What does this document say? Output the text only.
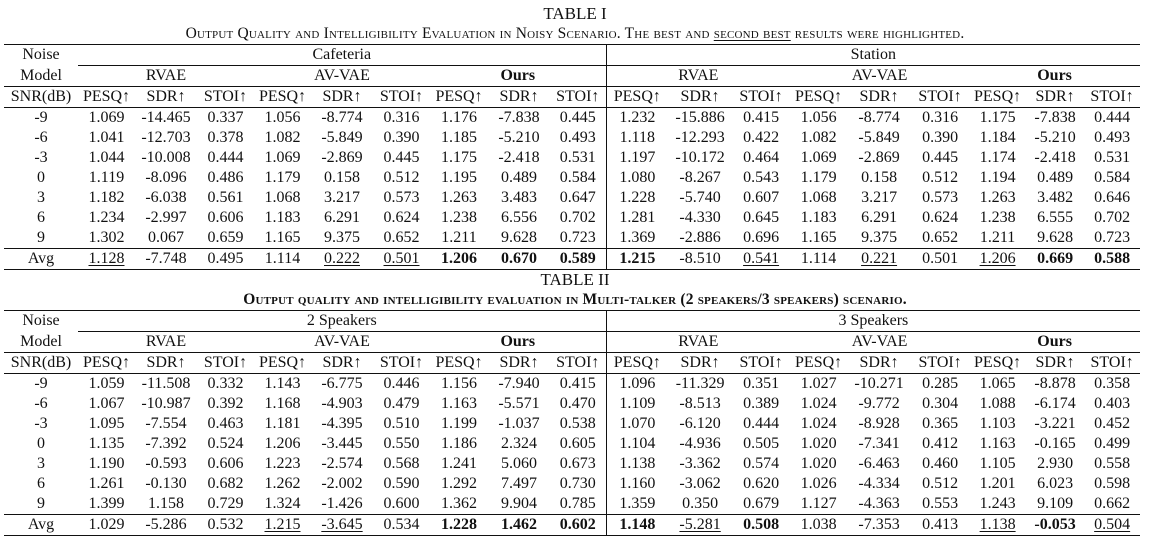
TABLE I
Output Quality and Intelligibility Evaluation in Noisy Scenario. The best and second best results were highlighted.
Noise	Cafeteria									Station								
Model	RVAE			AV-VAE			Ours			RVAE			AV-VAE			Ours		
SNR(dB)	PESQ↑	SDR↑	STOI↑	PESQ↑	SDR↑	STOI↑	PESQ↑	SDR↑	STOI↑	PESQ↑	SDR↑	STOI↑	PESQ↑	SDR↑	STOI↑	PESQ↑	SDR↑	STOI↑
-9	1.069	-14.465	0.337	1.056	-8.774	0.316	1.176	-7.838	0.445	1.232	-15.886	0.415	1.056	-8.774	0.316	1.175	-7.838	0.444
-6	1.041	-12.703	0.378	1.082	-5.849	0.390	1.185	-5.210	0.493	1.118	-12.293	0.422	1.082	-5.849	0.390	1.184	-5.210	0.493
-3	1.044	-10.008	0.444	1.069	-2.869	0.445	1.175	-2.418	0.531	1.197	-10.172	0.464	1.069	-2.869	0.445	1.174	-2.418	0.531
0	1.119	-8.096	0.486	1.179	0.158	0.512	1.195	0.489	0.584	1.080	-8.267	0.543	1.179	0.158	0.512	1.194	0.489	0.584
3	1.182	-6.038	0.561	1.068	3.217	0.573	1.263	3.483	0.647	1.228	-5.740	0.607	1.068	3.217	0.573	1.263	3.482	0.646
6	1.234	-2.997	0.606	1.183	6.291	0.624	1.238	6.556	0.702	1.281	-4.330	0.645	1.183	6.291	0.624	1.238	6.555	0.702
9	1.302	0.067	0.659	1.165	9.375	0.652	1.211	9.628	0.723	1.369	-2.886	0.696	1.165	9.375	0.652	1.211	9.628	0.723
Avg	1.128	-7.748	0.495	1.114	0.222	0.501	1.206	0.670	0.589	1.215	-8.510	0.541	1.114	0.221	0.501	1.206	0.669	0.588
TABLE II
Output quality and intelligibility evaluation in Multi-talker (2 speakers/3 speakers) scenario.
Noise	2 Speakers									3 Speakers								
Model	RVAE			AV-VAE			Ours			RVAE			AV-VAE			Ours		
SNR(dB)	PESQ↑	SDR↑	STOI↑	PESQ↑	SDR↑	STOI↑	PESQ↑	SDR↑	STOI↑	PESQ↑	SDR↑	STOI↑	PESQ↑	SDR↑	STOI↑	PESQ↑	SDR↑	STOI↑
-9	1.059	-11.508	0.332	1.143	-6.775	0.446	1.156	-7.940	0.415	1.096	-11.329	0.351	1.027	-10.271	0.285	1.065	-8.878	0.358
-6	1.067	-10.987	0.392	1.168	-4.903	0.479	1.163	-5.571	0.470	1.109	-8.513	0.389	1.024	-9.772	0.304	1.088	-6.174	0.403
-3	1.095	-7.554	0.463	1.181	-4.395	0.510	1.199	-1.037	0.538	1.070	-6.120	0.444	1.024	-8.928	0.365	1.103	-3.221	0.452
0	1.135	-7.392	0.524	1.206	-3.445	0.550	1.186	2.324	0.605	1.104	-4.936	0.505	1.020	-7.341	0.412	1.163	-0.165	0.499
3	1.190	-0.593	0.606	1.223	-2.574	0.568	1.241	5.060	0.673	1.138	-3.362	0.574	1.020	-6.463	0.460	1.105	2.930	0.558
6	1.261	-0.130	0.682	1.262	-2.002	0.590	1.292	7.497	0.730	1.160	-3.062	0.620	1.026	-4.334	0.512	1.201	6.023	0.598
9	1.399	1.158	0.729	1.324	-1.426	0.600	1.362	9.904	0.785	1.359	0.350	0.679	1.127	-4.363	0.553	1.243	9.109	0.662
Avg	1.029	-5.286	0.532	1.215	-3.645	0.534	1.228	1.462	0.602	1.148	-5.281	0.508	1.038	-7.353	0.413	1.138	-0.053	0.504
